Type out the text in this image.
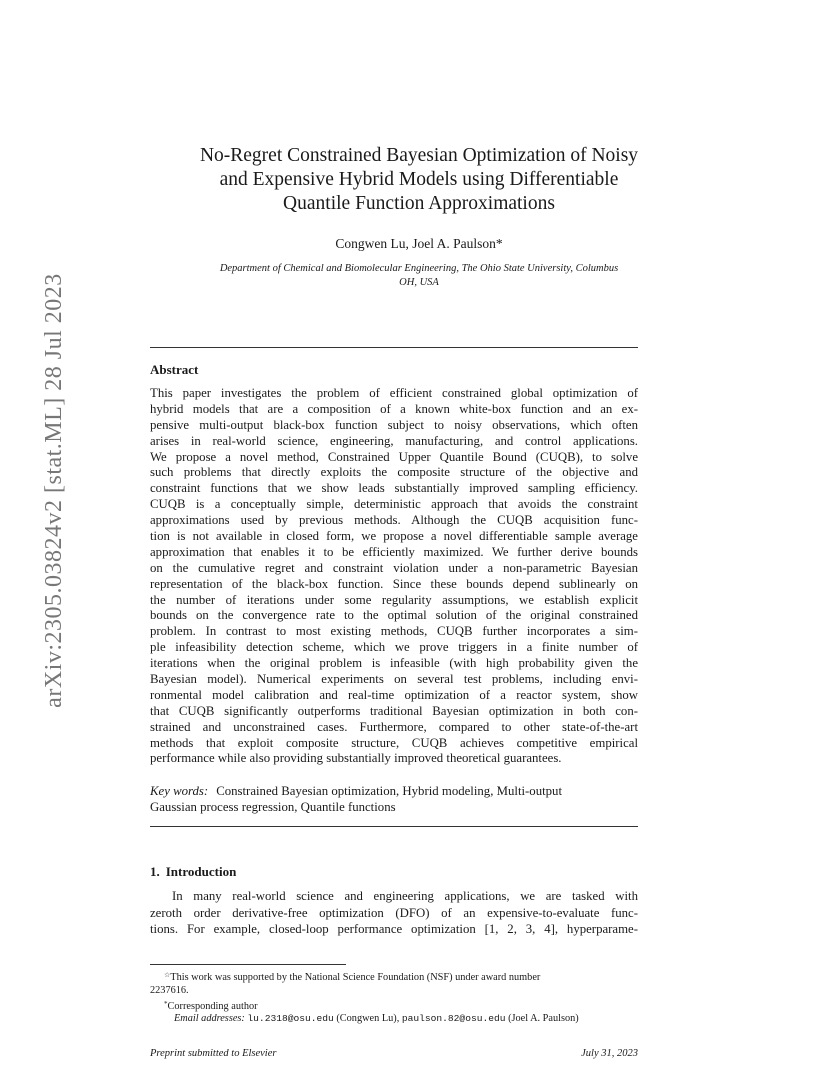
arXiv:2305.03824v2 [stat.ML] 28 Jul 2023
No-Regret Constrained Bayesian Optimization of Noisy
and Expensive Hybrid Models using Differentiable
Quantile Function Approximations
Congwen Lu, Joel A. Paulson*
Department of Chemical and Biomolecular Engineering, The Ohio State University, Columbus
OH, USA
Abstract
This paper investigates the problem of efficient constrained global optimization of
hybrid models that are a composition of a known white-box function and an ex-
pensive multi-output black-box function subject to noisy observations, which often
arises in real-world science, engineering, manufacturing, and control applications.
We propose a novel method, Constrained Upper Quantile Bound (CUQB), to solve
such problems that directly exploits the composite structure of the objective and
constraint functions that we show leads substantially improved sampling efficiency.
CUQB is a conceptually simple, deterministic approach that avoids the constraint
approximations used by previous methods. Although the CUQB acquisition func-
tion is not available in closed form, we propose a novel differentiable sample average
approximation that enables it to be efficiently maximized. We further derive bounds
on the cumulative regret and constraint violation under a non-parametric Bayesian
representation of the black-box function. Since these bounds depend sublinearly on
the number of iterations under some regularity assumptions, we establish explicit
bounds on the convergence rate to the optimal solution of the original constrained
problem. In contrast to most existing methods, CUQB further incorporates a sim-
ple infeasibility detection scheme, which we prove triggers in a finite number of
iterations when the original problem is infeasible (with high probability given the
Bayesian model). Numerical experiments on several test problems, including envi-
ronmental model calibration and real-time optimization of a reactor system, show
that CUQB significantly outperforms traditional Bayesian optimization in both con-
strained and unconstrained cases. Furthermore, compared to other state-of-the-art
methods that exploit composite structure, CUQB achieves competitive empirical
performance while also providing substantially improved theoretical guarantees.
Key words: Constrained Bayesian optimization, Hybrid modeling, Multi-output
Gaussian process regression, Quantile functions
1. Introduction
In many real-world science and engineering applications, we are tasked with
zeroth order derivative-free optimization (DFO) of an expensive-to-evaluate func-
tions. For example, closed-loop performance optimization [1, 2, 3, 4], hyperparame-
☆This work was supported by the National Science Foundation (NSF) under award number
2237616.
*Corresponding author
Email addresses: lu.2318@osu.edu (Congwen Lu), paulson.82@osu.edu (Joel A. Paulson)
Preprint submitted to Elsevier	July 31, 2023
